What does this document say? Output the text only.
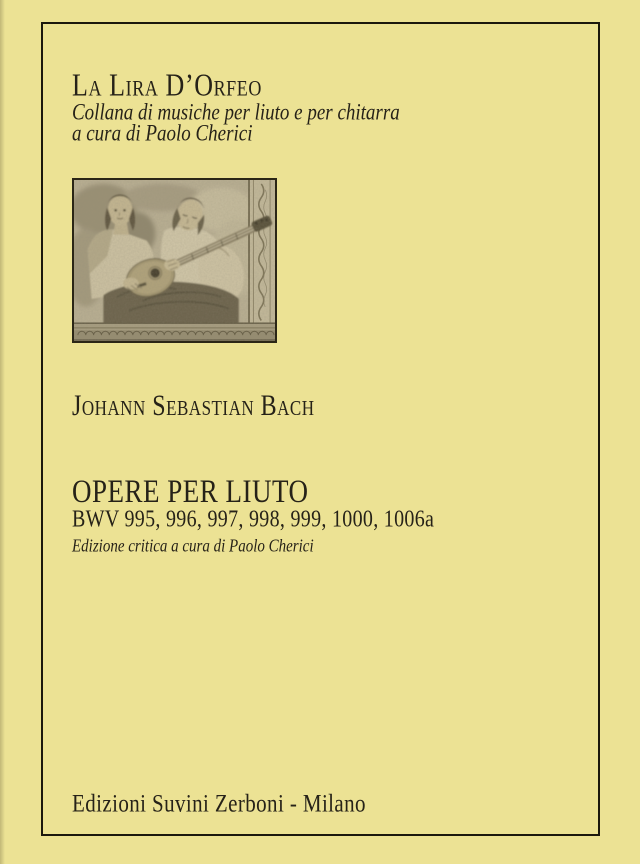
La Lira D’Orfeo

Collana di musiche per liuto e per chitarra

a cura di Paolo Cherici

Johann Sebastian Bach
OPERE PER LIUTO

BWV 995, 996, 997, 998, 999, 1000, 1006a

Edizione critica a cura di Paolo Cherici

Edizioni Suvini Zerboni - Milano
